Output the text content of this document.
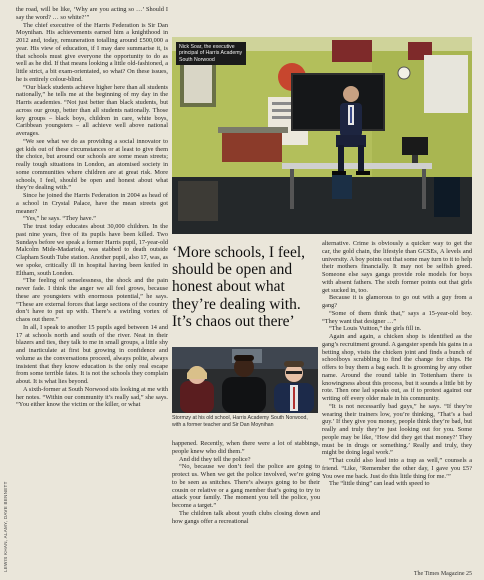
the road, will be like, ‘Why are you acting so …’ Should I say the word? … so white?’”

The chief executive of the Harris Federation is Sir Dan Moynihan. His achievements earned him a knighthood in 2012 and, today, remuneration totalling around £500,000 a year. His view of education, if I may dare summarise it, is that schools must give everyone the opportunity to do as well as he did. If that means looking a little old-fashioned, a little strict, a bit exam-orientated, so what? On these issues, he is entirely colour-blind.

“Our black students achieve higher here than all students nationally,” he tells me at the beginning of my day in the Harris academies. “Not just better than black students, but across our group, better than all students nationally. Those key groups – black boys, children in care, white boys, Caribbean youngsters – all achieve well above national averages.

“We see what we do as providing a social innovator to get kids out of these circumstances or at least to give them the choice, but around our schools are some mean streets; really tough situations in London, an atomised society in some communities where children are at great risk. More schools, I feel, should be open and honest about what they’re dealing with.”

Since he joined the Harris Federation in 2004 as head of a school in Crystal Palace, have the mean streets got meaner?

“Yes,” he says. “They have.”

The trust today educates about 30,000 children. In the past nine years, five of its pupils have been killed. Two Sundays before we speak a former Harris pupil, 17-year-old Malcolm Mide-Madariola, was stabbed to death outside Clapham South Tube station. Another pupil, also 17, was, as we spoke, critically ill in hospital having been knifed in Eltham, south London.

“The feeling of senselessness, the shock and the pain never fade. I think the anger we all feel grows, because these are youngsters with enormous potential,” he says. “These are external forces that large sections of the country don’t have to put up with. There’s a swirling vortex of chaos out there.”

In all, I speak to another 15 pupils aged between 14 and 17 at schools north and south of the river. Neat in their blazers and ties, they talk to me in small groups, a little shy and inarticulate at first but growing in confidence and volume as the conversations proceed, always polite, always insistent that they know education is the only real escape from some terrible fates. It is not the schools they complain about. It is what lies beyond.

A sixth-former at South Norwood sits looking at me with her notes. “Within our community it’s really sad,” she says. “You either know the victim or the killer, or what

Nick Soar, the executive principal of Harris Academy South Norwood
‘More schools, I feel, should be open and honest about what they’re dealing with. It’s chaos out there’
Stormzy at his old school, Harris Academy South Norwood, with a former teacher and Sir Dan Moynihan

happened. Recently, when there were a lot of stabbings, people knew who did them.”

And did they tell the police?

“No, because we don’t feel the police are going to protect us. When we get the police involved, we’re going to be seen as snitches. There’s always going to be their cousin or relative or a gang member that’s going to try to attack your family. The moment you tell the police, you become a target.”

The children talk about youth clubs closing down and how gangs offer a recreational

alternative. Crime is obviously a quicker way to get the car, the gold chain, the lifestyle than GCSEs, A levels and university. A boy points out that some may turn to it to help their mothers financially. It may not be selfish greed. Someone else says gangs provide role models for boys with absent fathers. The sixth former points out that girls get sucked in, too.

Because it is glamorous to go out with a guy from a gang?

“Some of them think that,” says a 15-year-old boy. “They want that designer …”

“The Louis Vuitton,” the girls fill in.

Again and again, a chicken shop is identified as the gang’s recruitment ground. A gangster spends his gains in a betting shop, visits the chicken joint and finds a bunch of schoolboys scrabbling to find the change for chips. He offers to buy them a bag each. It is grooming by any other name. Around the round table in Tottenham there is knowingness about this process, but it sounds a little bit by rote. Then one lad speaks out, as if to protest against our writing off every older male in his community.

“It is not necessarily bad guys,” he says. “If they’re wearing their trainers low, you’re thinking, ‘That’s a bad guy.’ If they give you money, people think they’re bad, but really and truly they’re just looking out for you. Some people may be like, ‘How did they get that money?’ They must be in drugs or something.’ Really and truly, they might be doing legal work.”

“That could also lead into a trap as well,” counsels a friend. “Like, ‘Remember the other day, I gave you £5? You owe me back. Just do this little thing for me.’”

The “little thing” can lead with speed to

LEWIS KHAN, ALAMY, DAVE BENNETT
The Times Magazine 25
